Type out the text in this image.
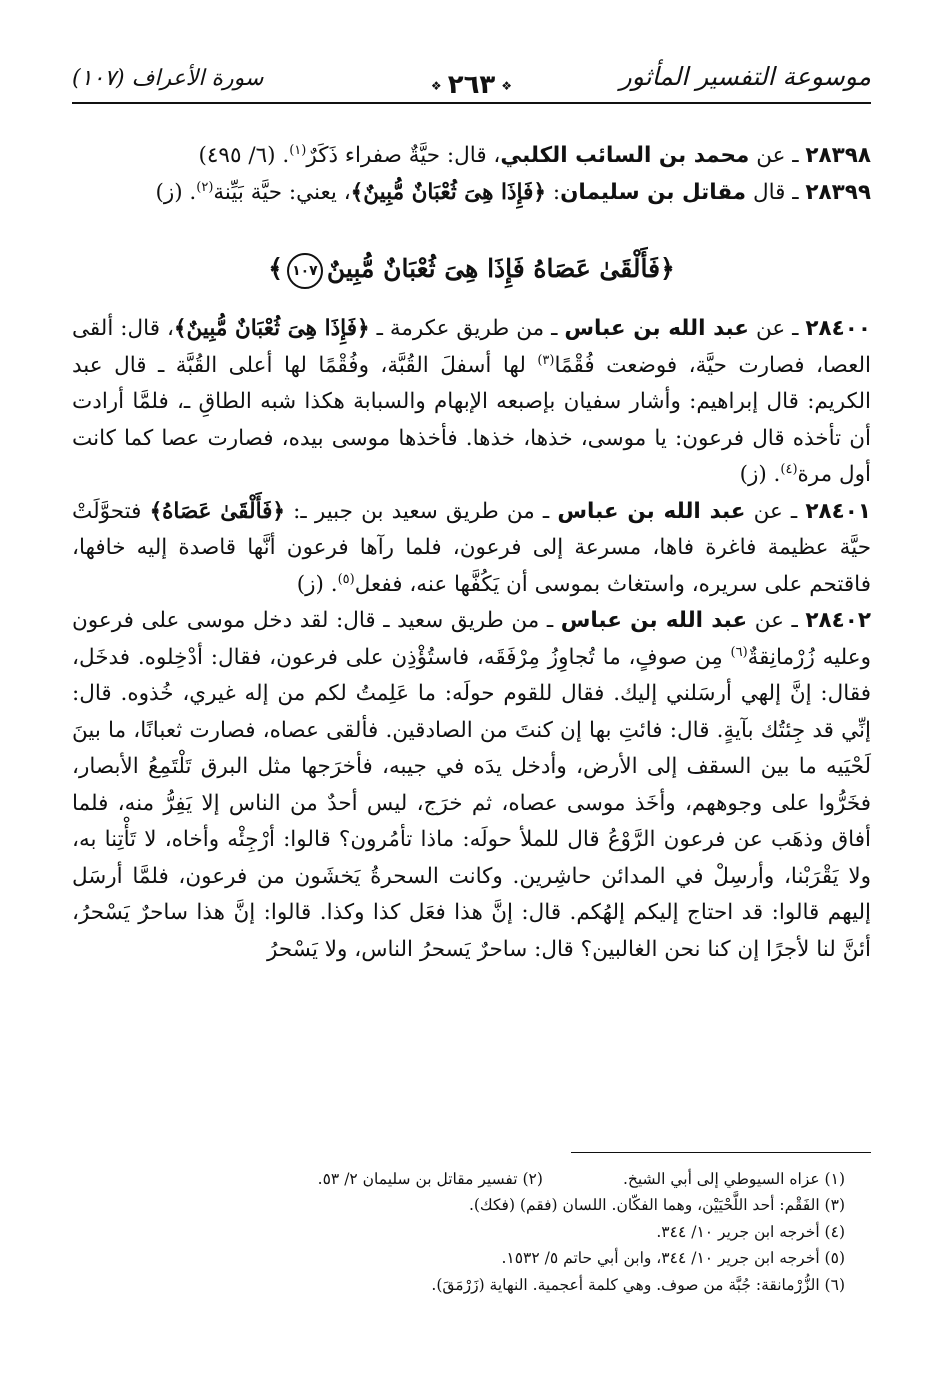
موسوعة التفسير المأثور
❖٢٦٣❖
سورة الأعراف (١٠٧)

٢٨٣٩٨ ـ عن محمد بن السائب الكلبي، قال: حيَّةٌ صفراء ذَكَرٌ$^{(١)}$. (٦/ ٤٩٥)

٢٨٣٩٩ ـ قال مقاتل بن سليمان: ﴿فَإِذَا هِىَ ثُعْبَانٌ مُّبِينٌ﴾، يعني: حيَّة بَيِّنة$^{(٢)}$. (ز)

﴿فَأَلْقَىٰ عَصَاهُ فَإِذَا هِىَ ثُعْبَانٌ مُّبِينٌ١٠٧﴾

٢٨٤٠٠ ـ عن عبد الله بن عباس ـ من طريق عكرمة ـ ﴿فَإِذَا هِىَ ثُعْبَانٌ مُّبِينٌ﴾، قال: ألقى العصا، فصارت حيَّة، فوضعت فُقْمًا$^{(٣)}$ لها أسفلَ القُبَّة، وفُقْمًا لها أعلى القُبَّة ـ قال عبد الكريم: قال إبراهيم: وأشار سفيان بإصبعه الإبهام والسبابة هكذا شبه الطاقِ ـ، فلمَّا أرادت أن تأخذه قال فرعون: يا موسى، خذها، خذها. فأخذها موسى بيده، فصارت عصا كما كانت أول مرة$^{(٤)}$. (ز)

٢٨٤٠١ ـ عن عبد الله بن عباس ـ من طريق سعيد بن جبير ـ: ﴿فَأَلْقَىٰ عَصَاهُ﴾ فتحوَّلَتْ حيَّة عظيمة فاغرة فاها، مسرعة إلى فرعون، فلما رآها فرعون أنَّها قاصدة إليه خافها، فاقتحم على سريره، واستغاث بموسى أن يَكُفَّها عنه، ففعل$^{(٥)}$. (ز)

٢٨٤٠٢ ـ عن عبد الله بن عباس ـ من طريق سعيد ـ قال: لقد دخل موسى على فرعون وعليه زُرْمانِقةٌ$^{(٦)}$ مِن صوفٍ، ما تُجاوِزُ مِرْفَقَه، فاستُؤْذِن على فرعون، فقال: أدْخِلوه. فدخَل، فقال: إنَّ إلهي أرسَلني إليك. فقال للقوم حولَه: ما عَلِمتُ لكم من إله غيري، خُذوه. قال: إنِّي قد جِئتُك بآيةٍ. قال: فائتِ بها إن كنتَ من الصادقين. فألقى عصاه، فصارت ثعبانًا، ما بينَ لَحْيَيه ما بين السقف إلى الأرض، وأدخل يدَه في جيبه، فأخرَجها مثل البرق تَلْتَمِعُ الأبصار، فخَرُّوا على وجوههم، وأخَذ موسى عصاه، ثم خرَج، ليس أحدٌ من الناس إلا يَفِرُّ منه، فلما أفاق وذهَب عن فرعون الرَّوْعُ قال للملأ حولَه: ماذا تأمُرون؟ قالوا: أرْجِئْه وأخاه، لا تَأْتِنا به، ولا يَقْرَبْنا، وأرسِلْ في المدائن حاشِرين. وكانت السحرةُ يَخشَون من فرعون، فلمَّا أرسَل إليهم قالوا: قد احتاج إليكم إلهُكم. قال: إنَّ هذا فعَل كذا وكذا. قالوا: إنَّ هذا ساحرٌ يَسْحرُ، أئنَّ لنا لأجرًا إن كنا نحن الغالبين؟ قال: ساحرٌ يَسحرُ الناس، ولا يَسْحرُ

(١) عزاه السيوطي إلى أبي الشيخ.(٢) تفسير مقاتل بن سليمان ٢/ ٥٣.

(٣) الفَقْم: أحد اللَّحْيَيْن، وهما الفكّان. اللسان (فقم) (فكك).

(٤) أخرجه ابن جرير ١٠/ ٣٤٤.

(٥) أخرجه ابن جرير ١٠/ ٣٤٤، وابن أبي حاتم ٥/ ١٥٣٢.

(٦) الزُّرْمانقة: جُبَّة من صوف. وهي كلمة أعجمية. النهاية (زَرْمَقَ).
